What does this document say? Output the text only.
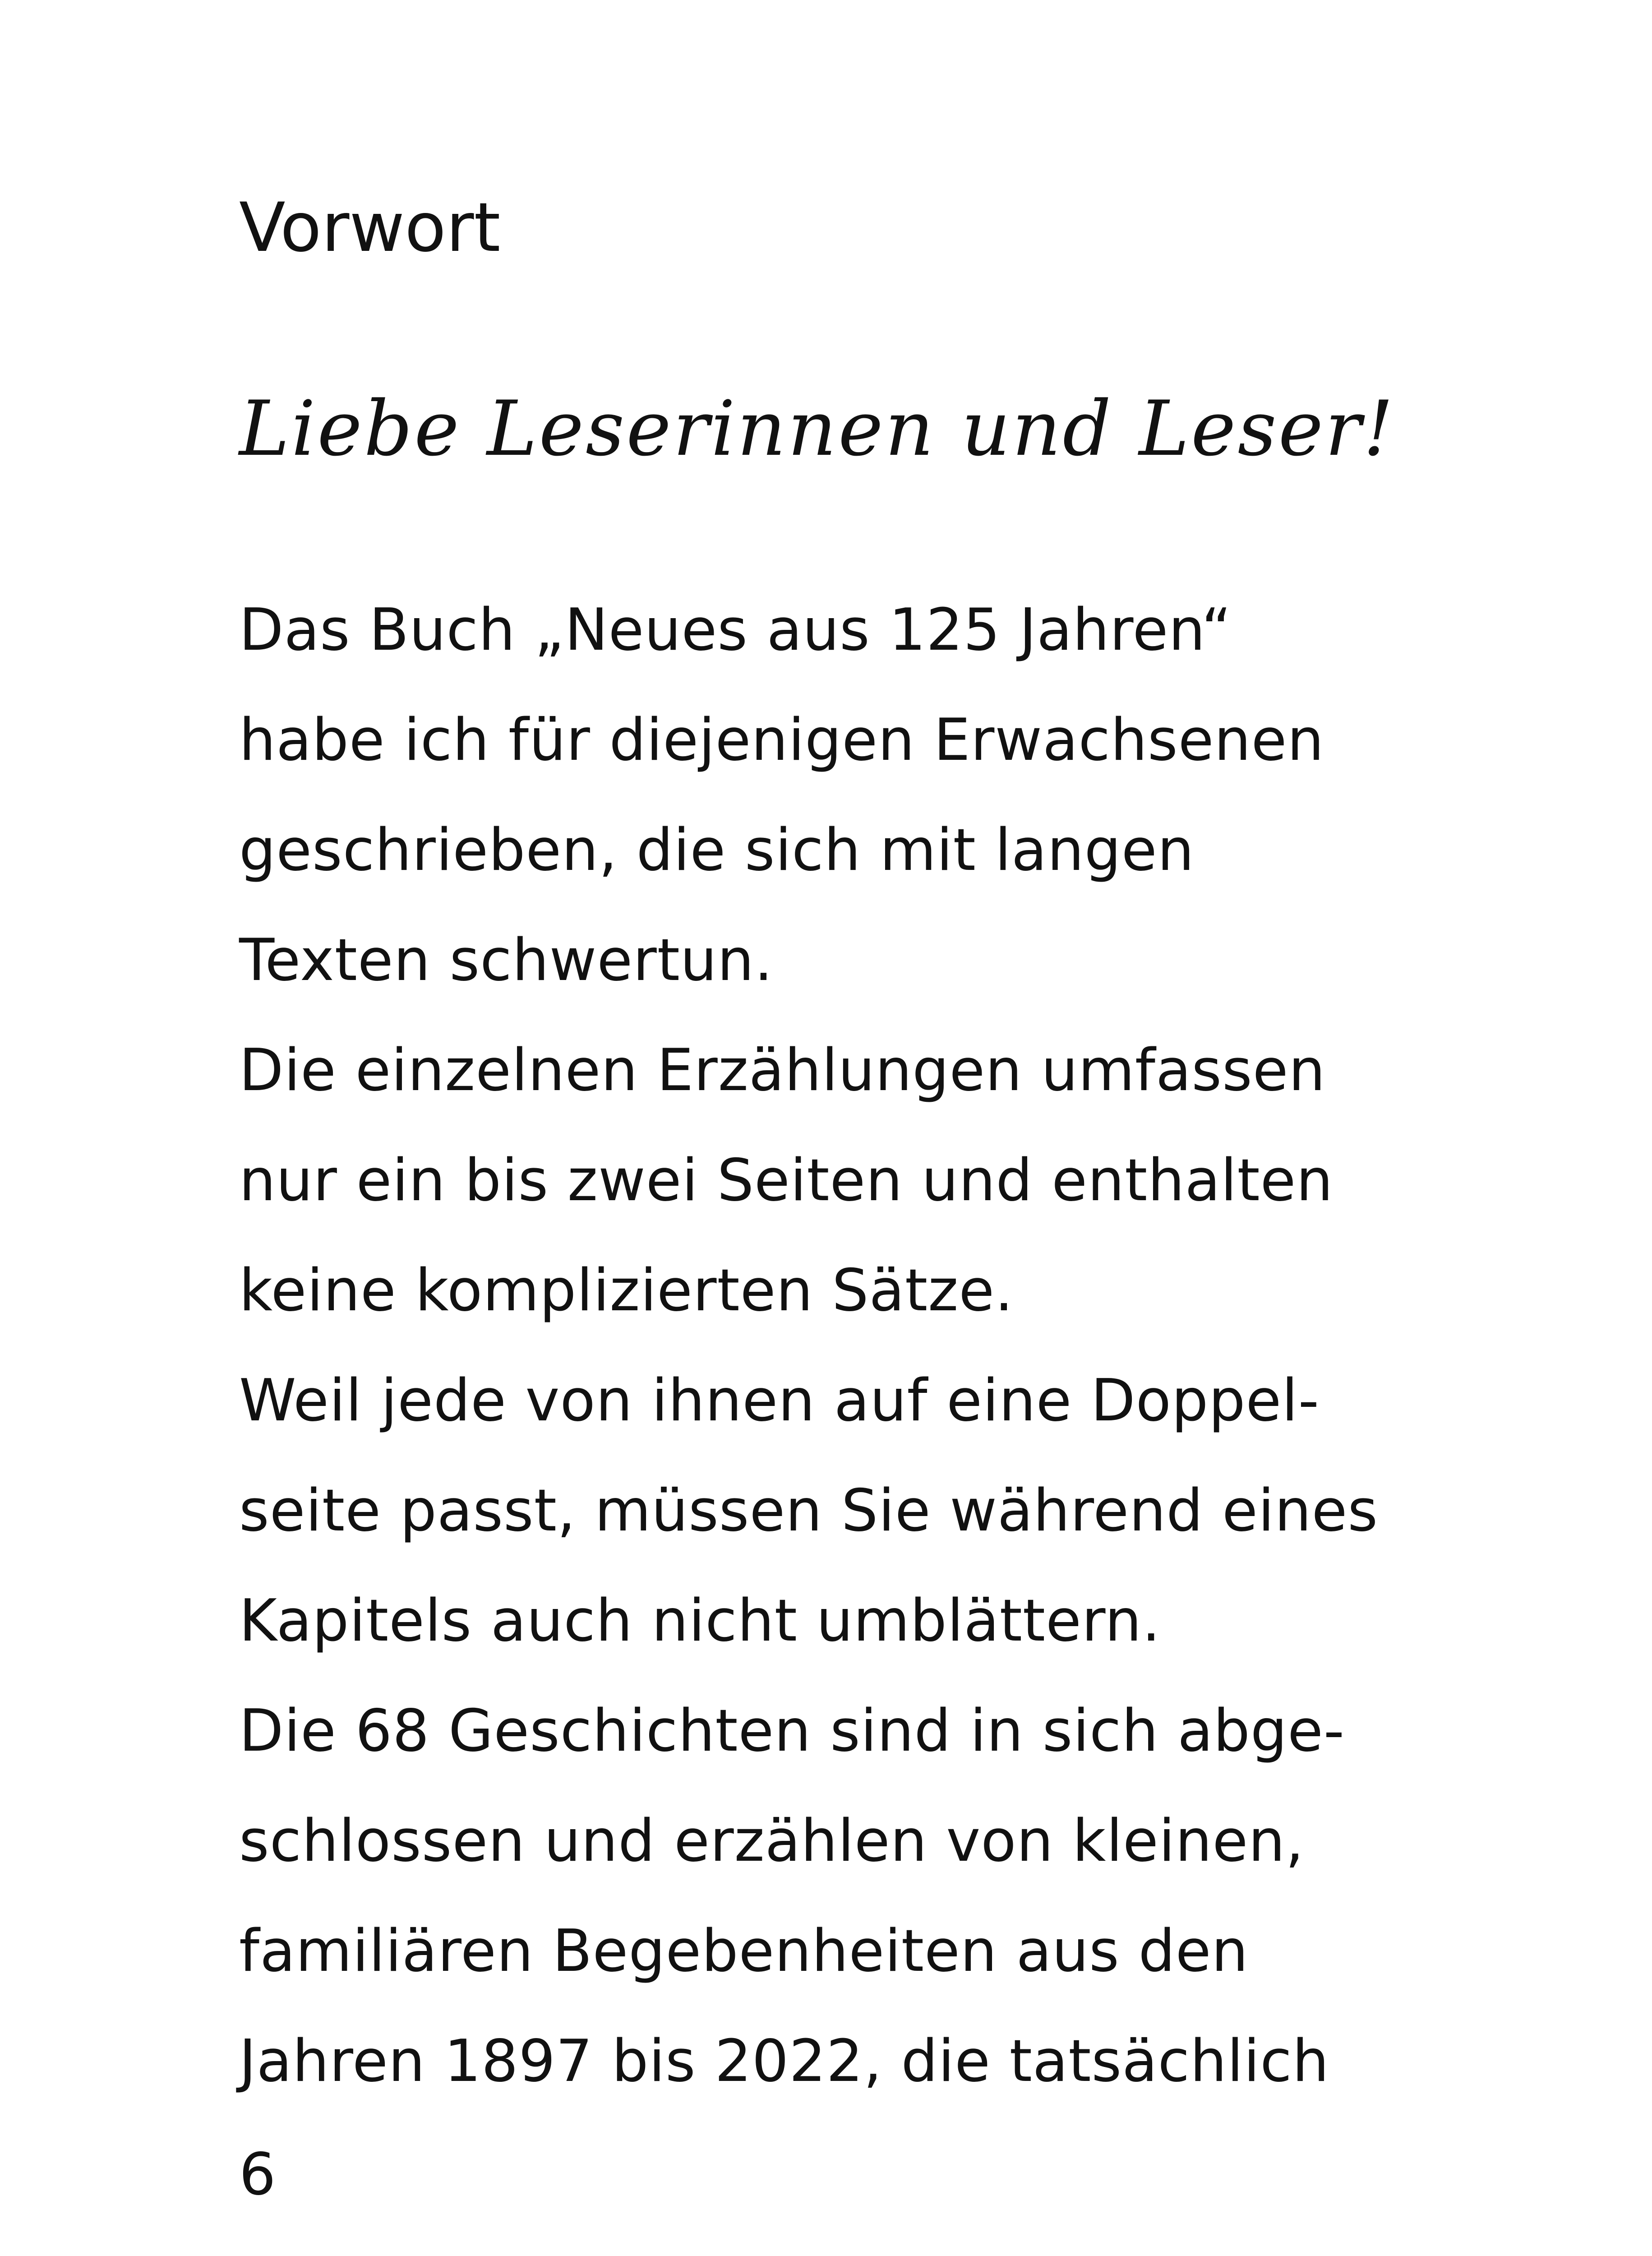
Vorwort
Liebe Leserinnen und Leser!
Das Buch „Neues aus 125 Jahren“
habe ich für diejenigen Erwachsenen
geschrieben, die sich mit langen
Texten schwertun.
Die einzelnen Erzählungen umfassen
nur ein bis zwei Seiten und enthalten
keine komplizierten Sätze.
Weil jede von ihnen auf eine Doppel-
seite passt, müssen Sie während eines
Kapitels auch nicht umblättern.
Die 68 Geschichten sind in sich abge-
schlossen und erzählen von kleinen,
familiären Begebenheiten aus den
Jahren 1897 bis 2022, die tatsächlich
6
